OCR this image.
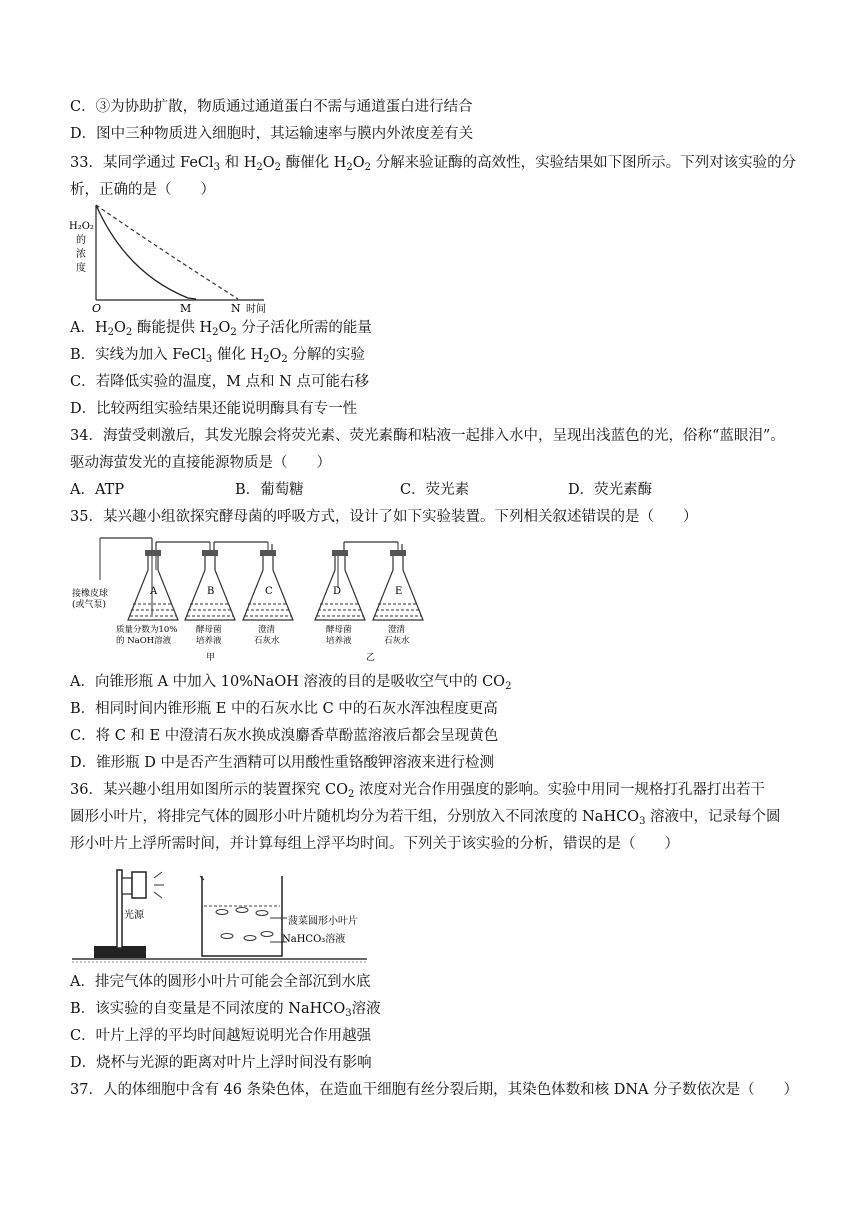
C．③为协助扩散，物质通过通道蛋白不需与通道蛋白进行结合
D．图中三种物质进入细胞时，其运输速率与膜内外浓度差有关
33．某同学通过 FeCl$_3$ 和 $H_2O_2$ 酶催化 $H_2O_2$ 分解来验证酶的高效性，实验结果如下图所示。下列对该实验的分
析，正确的是（　　）
H₂O₂
的
浓
度
O	M	N 时间
A．$H_2O_2$ 酶能提供 $H_2O_2$ 分子活化所需的能量
B．实线为加入 FeCl$_3$ 催化 $H_2O_2$ 分解的实验
C．若降低实验的温度，M 点和 N 点可能右移
D．比较两组实验结果还能说明酶具有专一性
34．海萤受刺激后，其发光腺会将荧光素、荧光素酶和粘液一起排入水中，呈现出浅蓝色的光，俗称“蓝眼泪”。
驱动海萤发光的直接能源物质是（　　）
A．ATP	B．葡萄糖	C．荧光素	D．荧光素酶
35．某兴趣小组欲探究酵母菌的呼吸方式，设计了如下实验装置。下列相关叙述错误的是（　　）
接橡皮球
(或气泵)
A	B	C	D	E
质量分数为10%
的 NaOH溶液
酵母菌
培养液
澄清
石灰水
酵母菌
培养液
澄清
石灰水
甲	乙
A．向锥形瓶 A 中加入 10%NaOH 溶液的目的是吸收空气中的 $CO_2$
B．相同时间内锥形瓶 E 中的石灰水比 C 中的石灰水浑浊程度更高
C．将 C 和 E 中澄清石灰水换成溴麝香草酚蓝溶液后都会呈现黄色
D．锥形瓶 D 中是否产生酒精可以用酸性重铬酸钾溶液来进行检测
36．某兴趣小组用如图所示的装置探究 $CO_2$ 浓度对光合作用强度的影响。实验中用同一规格打孔器打出若干
圆形小叶片，将排完气体的圆形小叶片随机均分为若干组，分别放入不同浓度的 NaHCO$_3$ 溶液中，记录每个圆
形小叶片上浮所需时间，并计算每组上浮平均时间。下列关于该实验的分析，错误的是（　　）
光源
菠菜圆形小叶片
NaHCO₃溶液
A．排完气体的圆形小叶片可能会全部沉到水底
B．该实验的自变量是不同浓度的 NaHCO$_3$溶液
C．叶片上浮的平均时间越短说明光合作用越强
D．烧杯与光源的距离对叶片上浮时间没有影响
37．人的体细胞中含有 46 条染色体，在造血干细胞有丝分裂后期，其染色体数和核 DNA 分子数依次是（　　）
